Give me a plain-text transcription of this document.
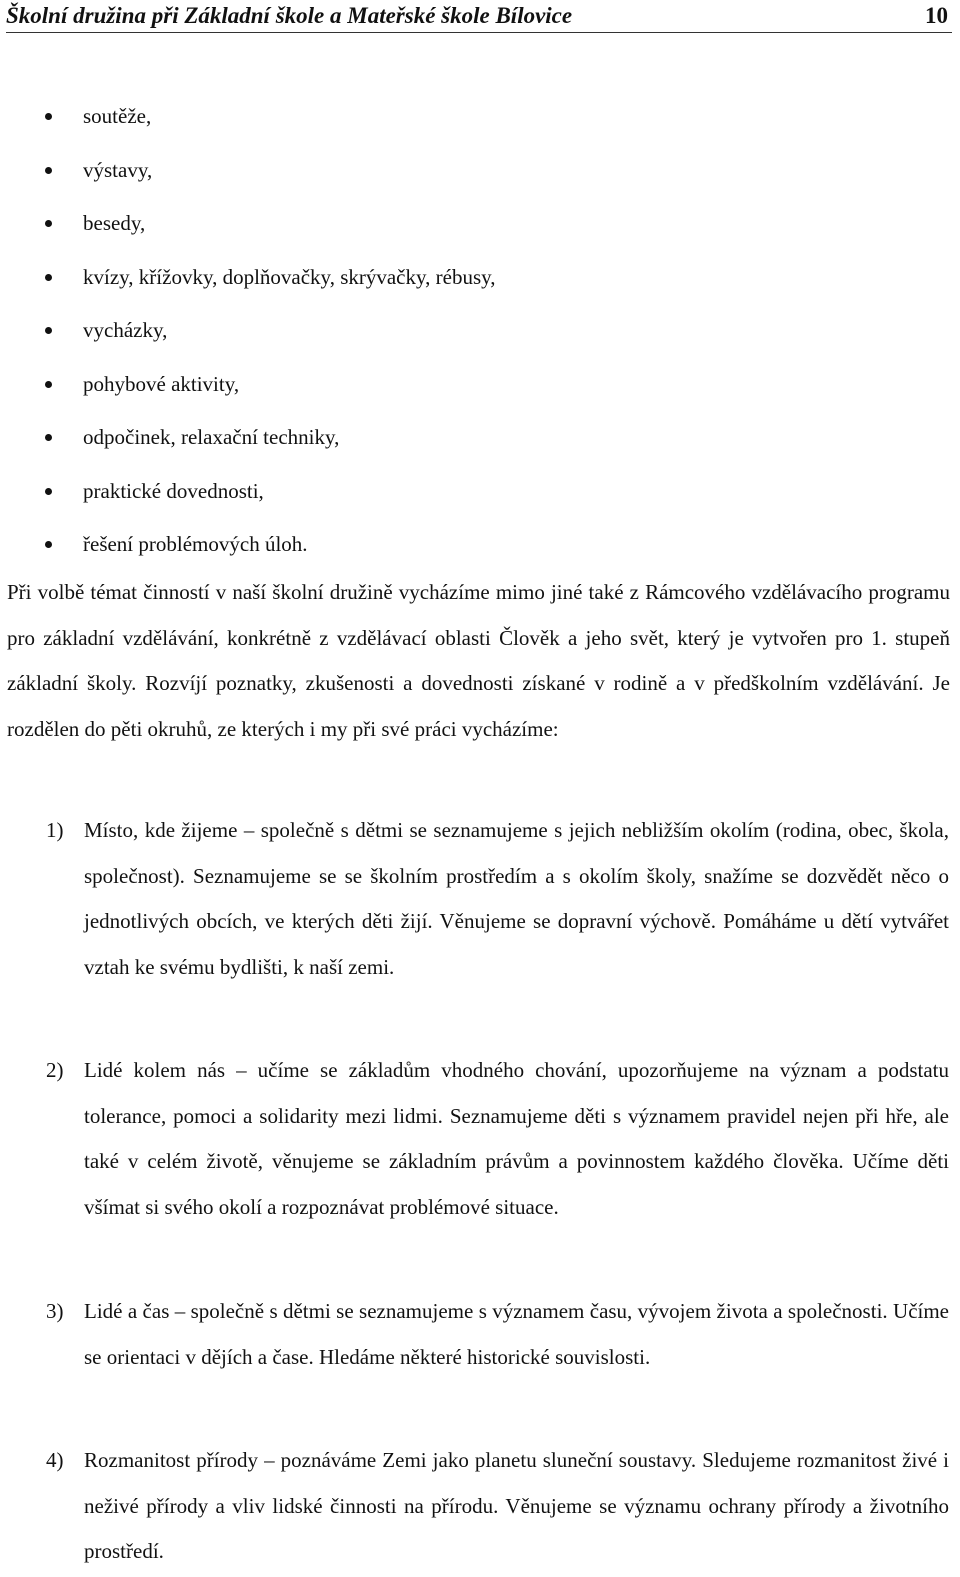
Školní družina při Základní škole a Mateřské škole Bílovice	10
soutěže,
výstavy,
besedy,
kvízy, křížovky, doplňovačky, skrývačky, rébusy,
vycházky,
pohybové aktivity,
odpočinek, relaxační techniky,
praktické dovednosti,
řešení problémových úloh.

Při volbě témat činností v naší školní družině vycházíme mimo jiné také z Rámcového vzdělávacího programu pro základní vzdělávání, konkrétně z vzdělávací oblasti Člověk a jeho svět, který je vytvořen pro 1. stupeň základní školy. Rozvíjí poznatky, zkušenosti a dovednosti získané v rodině a v předškolním vzdělávání. Je rozdělen do pěti okruhů, ze kterých i my při své práci vycházíme:

1) Místo, kde žijeme – společně s dětmi se seznamujeme s jejich nebližším okolím (rodina, obec, škola, společnost). Seznamujeme se se školním prostředím a s okolím školy, snažíme se dozvědět něco o jednotlivých obcích, ve kterých děti žijí. Věnujeme se dopravní výchově. Pomáháme u dětí vytvářet vztah ke svému bydlišti, k naší zemi.

2) Lidé kolem nás – učíme se základům vhodného chování, upozorňujeme na význam a podstatu tolerance, pomoci a solidarity mezi lidmi. Seznamujeme děti s významem pravidel nejen při hře, ale také v celém životě, věnujeme se základním právům a povinnostem každého člověka. Učíme děti všímat si svého okolí a rozpoznávat problémové situace.

3) Lidé a čas – společně s dětmi se seznamujeme s významem času, vývojem života a společnosti. Učíme se orientaci v dějích a čase. Hledáme některé historické souvislosti.

4) Rozmanitost přírody – poznáváme Zemi jako planetu sluneční soustavy. Sledujeme rozmanitost živé i neživé přírody a vliv lidské činnosti na přírodu. Věnujeme se významu ochrany přírody a životního prostředí.
